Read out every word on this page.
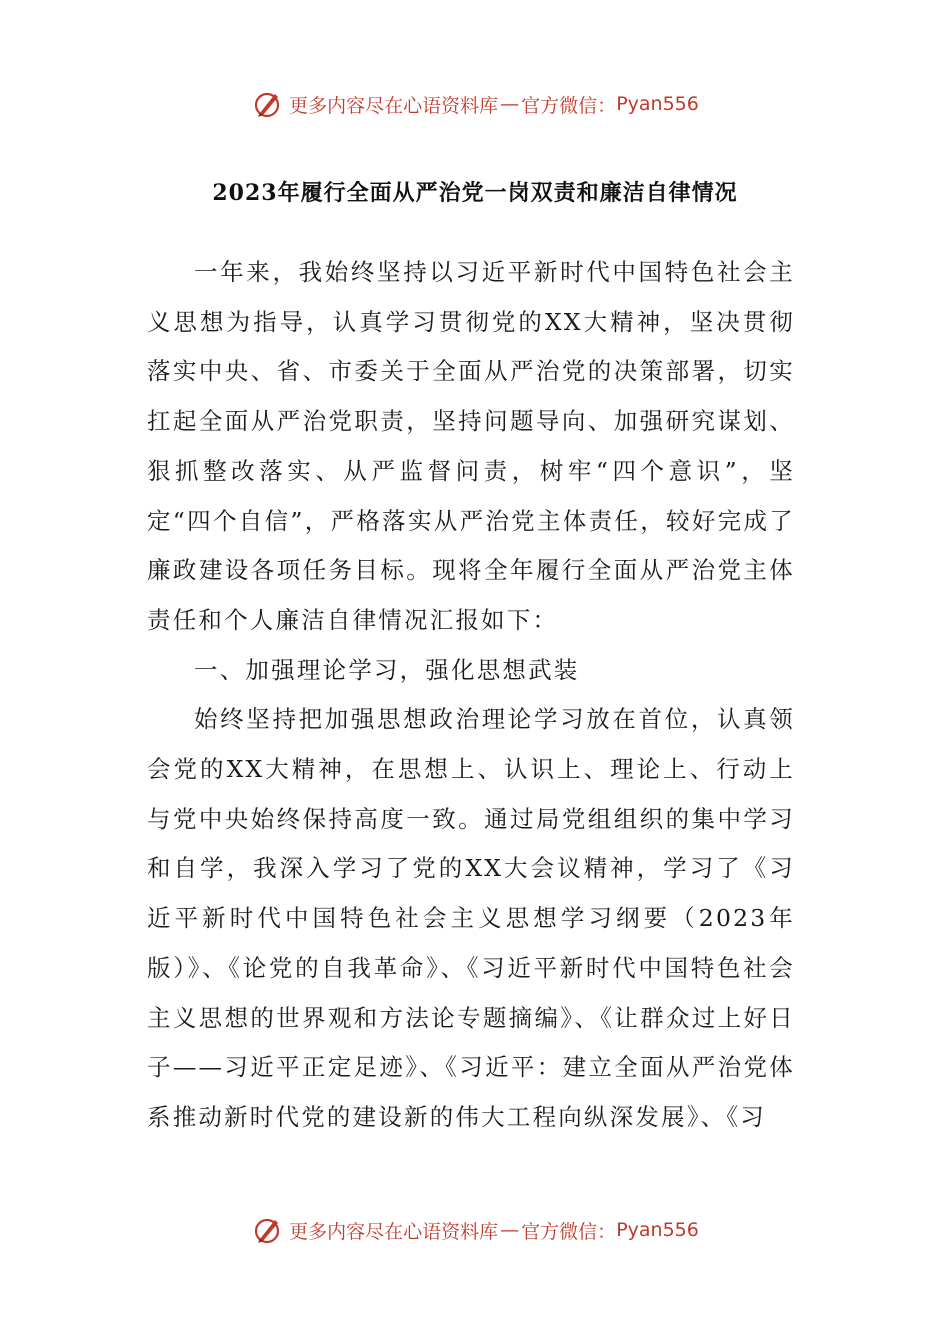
更多内容尽在心语资料库 — 官方微信： Pyan556
2023年履行全面从严治党一岗双责和廉洁自律情况

一年来，我始终坚持以习近平新时代中国特色社会主义思想为指导，认真学习贯彻党的XX大精神，坚决贯彻落实中央、省、市委关于全面从严治党的决策部署，切实扛起全面从严治党职责，坚持问题导向、加强研究谋划、狠抓整改落实、从严监督问责，树牢“四个意识”，坚定“四个自信”，严格落实从严治党主体责任，较好完成了廉政建设各项任务目标。现将全年履行全面从严治党主体责任和个人廉洁自律情况汇报如下：

一、加强理论学习，强化思想武装

始终坚持把加强思想政治理论学习放在首位，认真领会党的XX大精神，在思想上、认识上、理论上、行动上与党中央始终保持高度一致。通过局党组组织的集中学习和自学，我深入学习了党的XX大会议精神，学习了《习近平新时代中国特色社会主义思想学习纲要（2023年版）》、《论党的自我革命》、《习近平新时代中国特色社会主义思想的世界观和方法论专题摘编》、《让群众过上好日子——习近平正定足迹》、《习近平：建立全面从严治党体系推动新时代党的建设新的伟大工程向纵深发展》、《习

更多内容尽在心语资料库 — 官方微信： Pyan556
